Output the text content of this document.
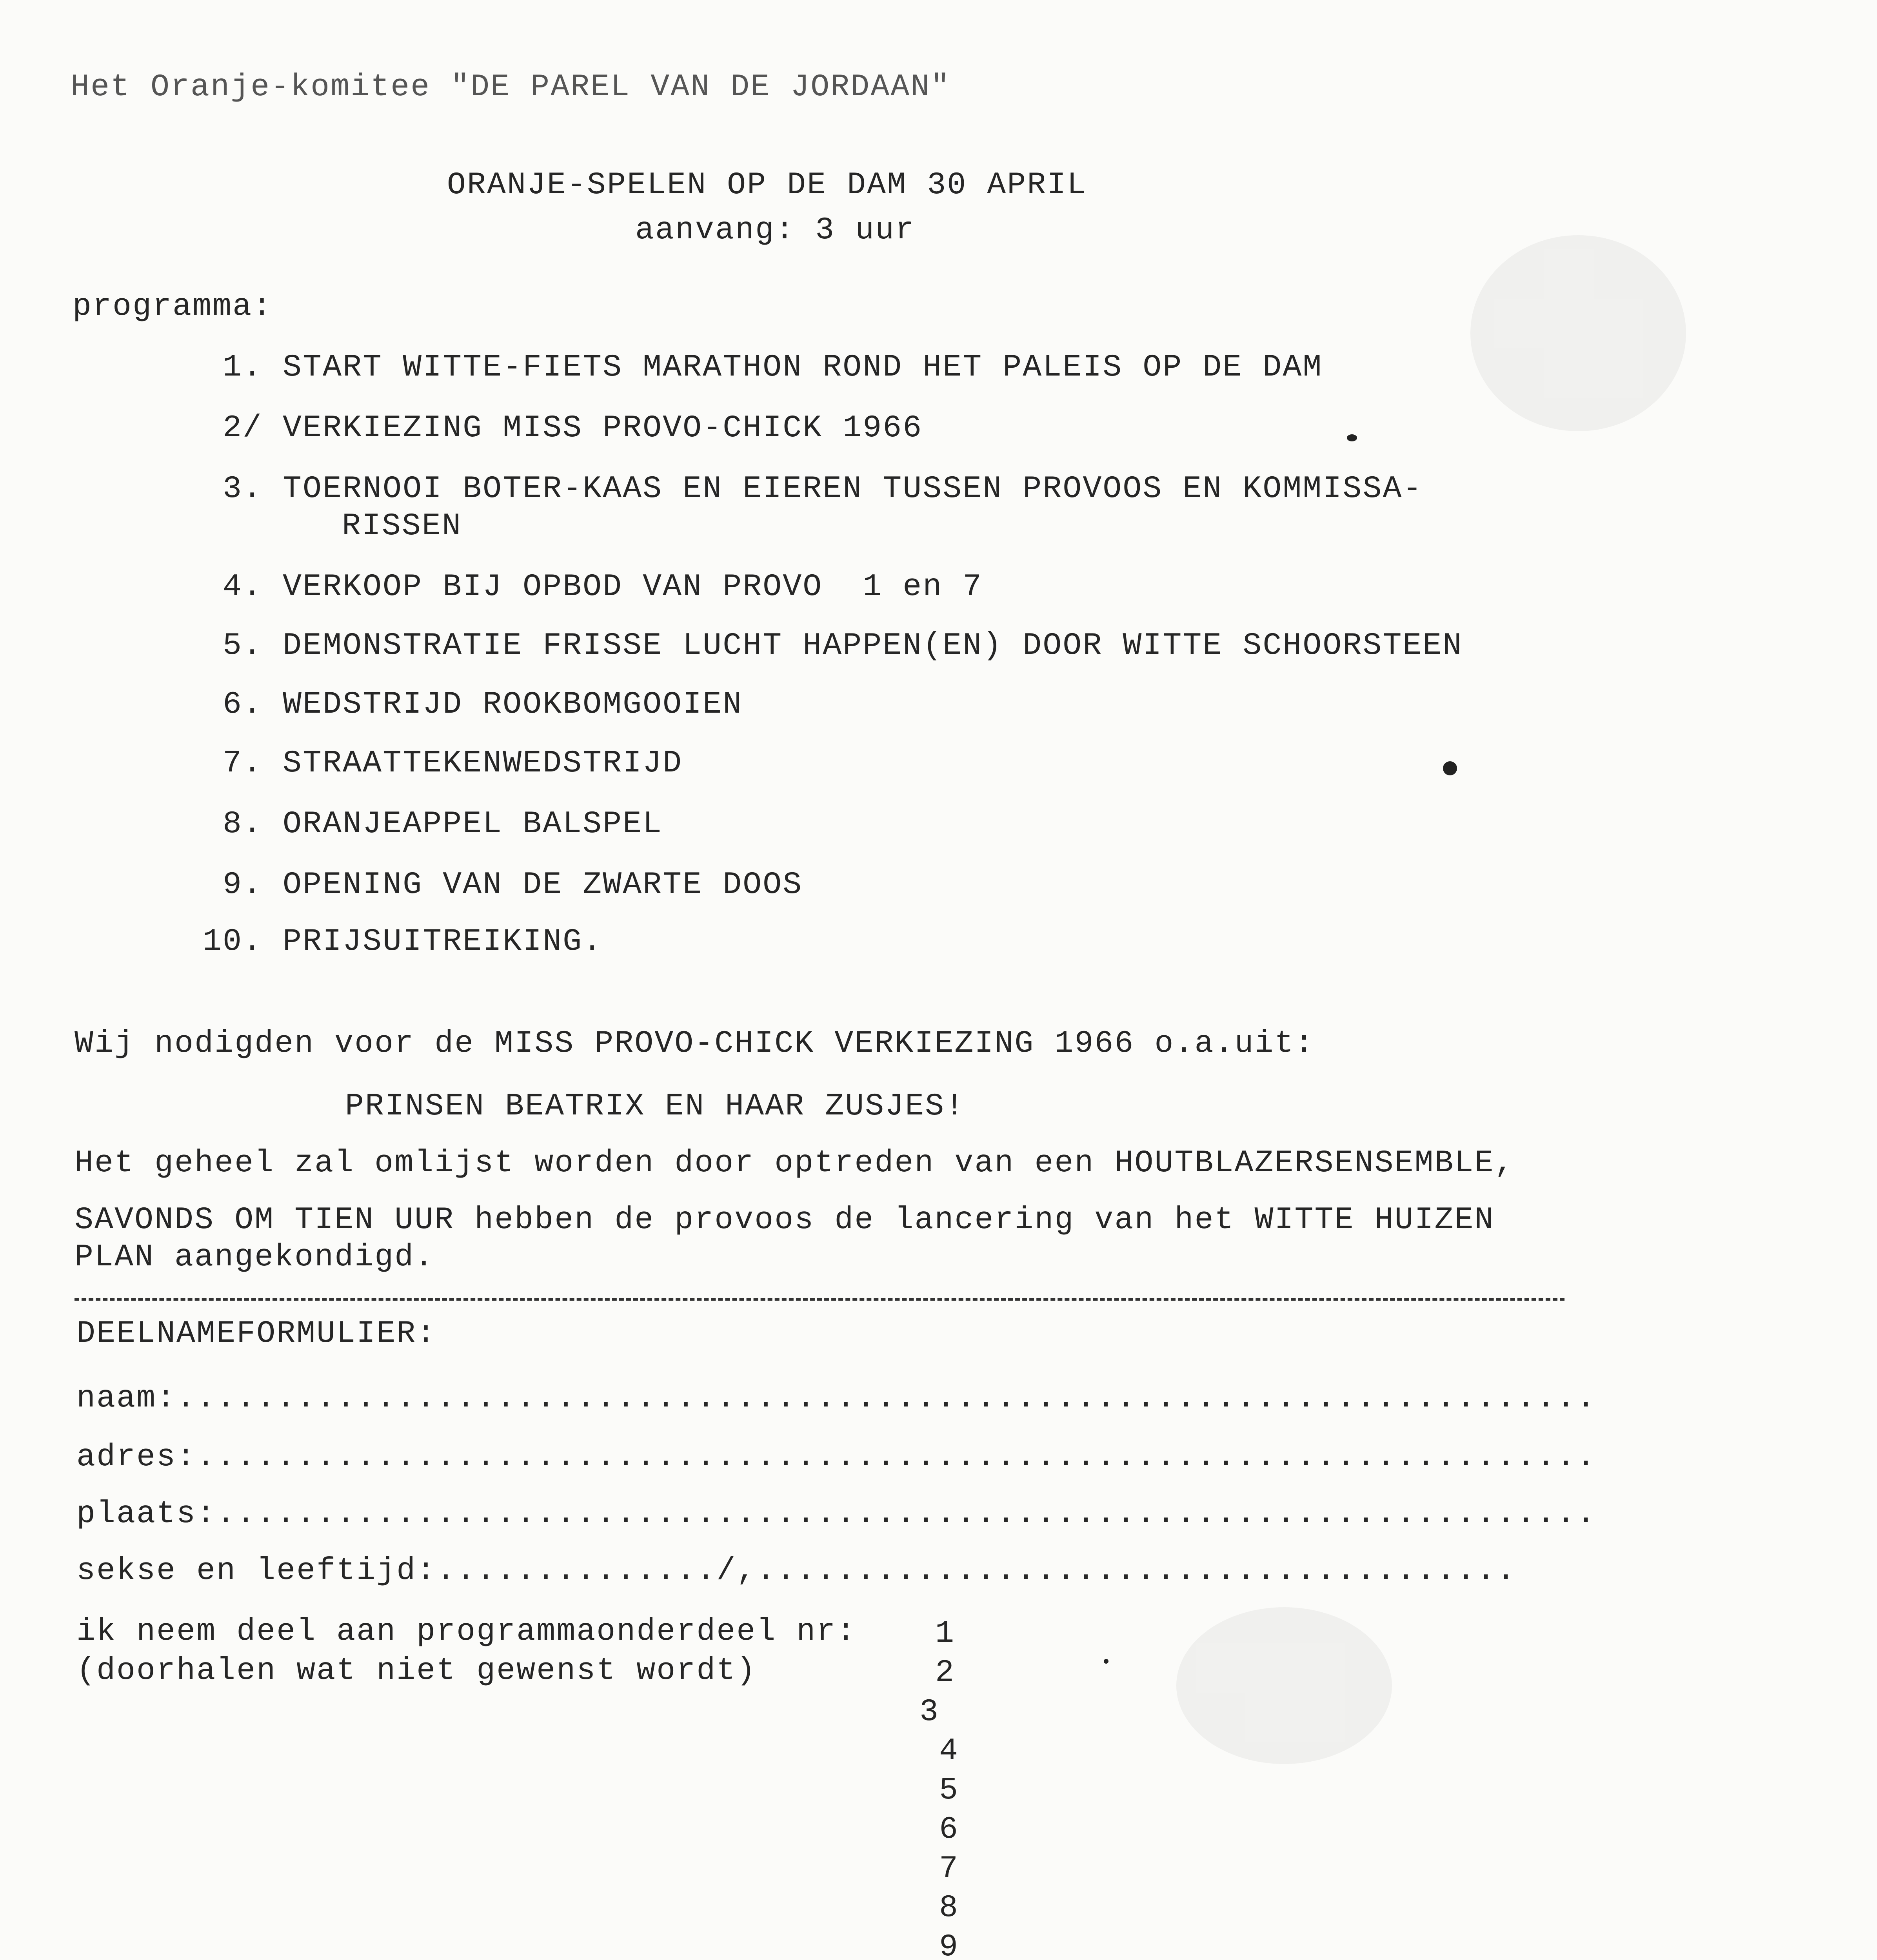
Het Oranje-komitee "DE PAREL VAN DE JORDAAN"
ORANJE-SPELEN OP DE DAM 30 APRIL
aanvang: 3 uur
programma:
1. START WITTE-FIETS MARATHON ROND HET PALEIS OP DE DAM
2/ VERKIEZING MISS PROVO-CHICK 1966
3. TOERNOOI BOTER-KAAS EN EIEREN TUSSEN PROVOOS EN KOMMISSA-
RISSEN
4. VERKOOP BIJ OPBOD VAN PROVO  1 en 7
5. DEMONSTRATIE FRISSE LUCHT HAPPEN(EN) DOOR WITTE SCHOORSTEEN
6. WEDSTRIJD ROOKBOMGOOIEN
7. STRAATTEKENWEDSTRIJD
8. ORANJEAPPEL BALSPEL
9. OPENING VAN DE ZWARTE DOOS
10. PRIJSUITREIKING.
Wij nodigden voor de MISS PROVO-CHICK VERKIEZING 1966 o.a.uit:
PRINSEN BEATRIX EN HAAR ZUSJES!
Het geheel zal omlijst worden door optreden van een HOUTBLAZERSENSEMBLE,
SAVONDS OM TIEN UUR hebben de provoos de lancering van het WITTE HUIZEN
PLAN aangekondigd.
DEELNAMEFORMULIER:
naam:.......................................................................
adres:......................................................................
plaats:.....................................................................
sekse en leeftijd:............../,......................................
ik neem deel aan programmaonderdeel nr:
(doorhalen wat niet gewenst wordt)
1
2
3
4
5
6
7
8
9
